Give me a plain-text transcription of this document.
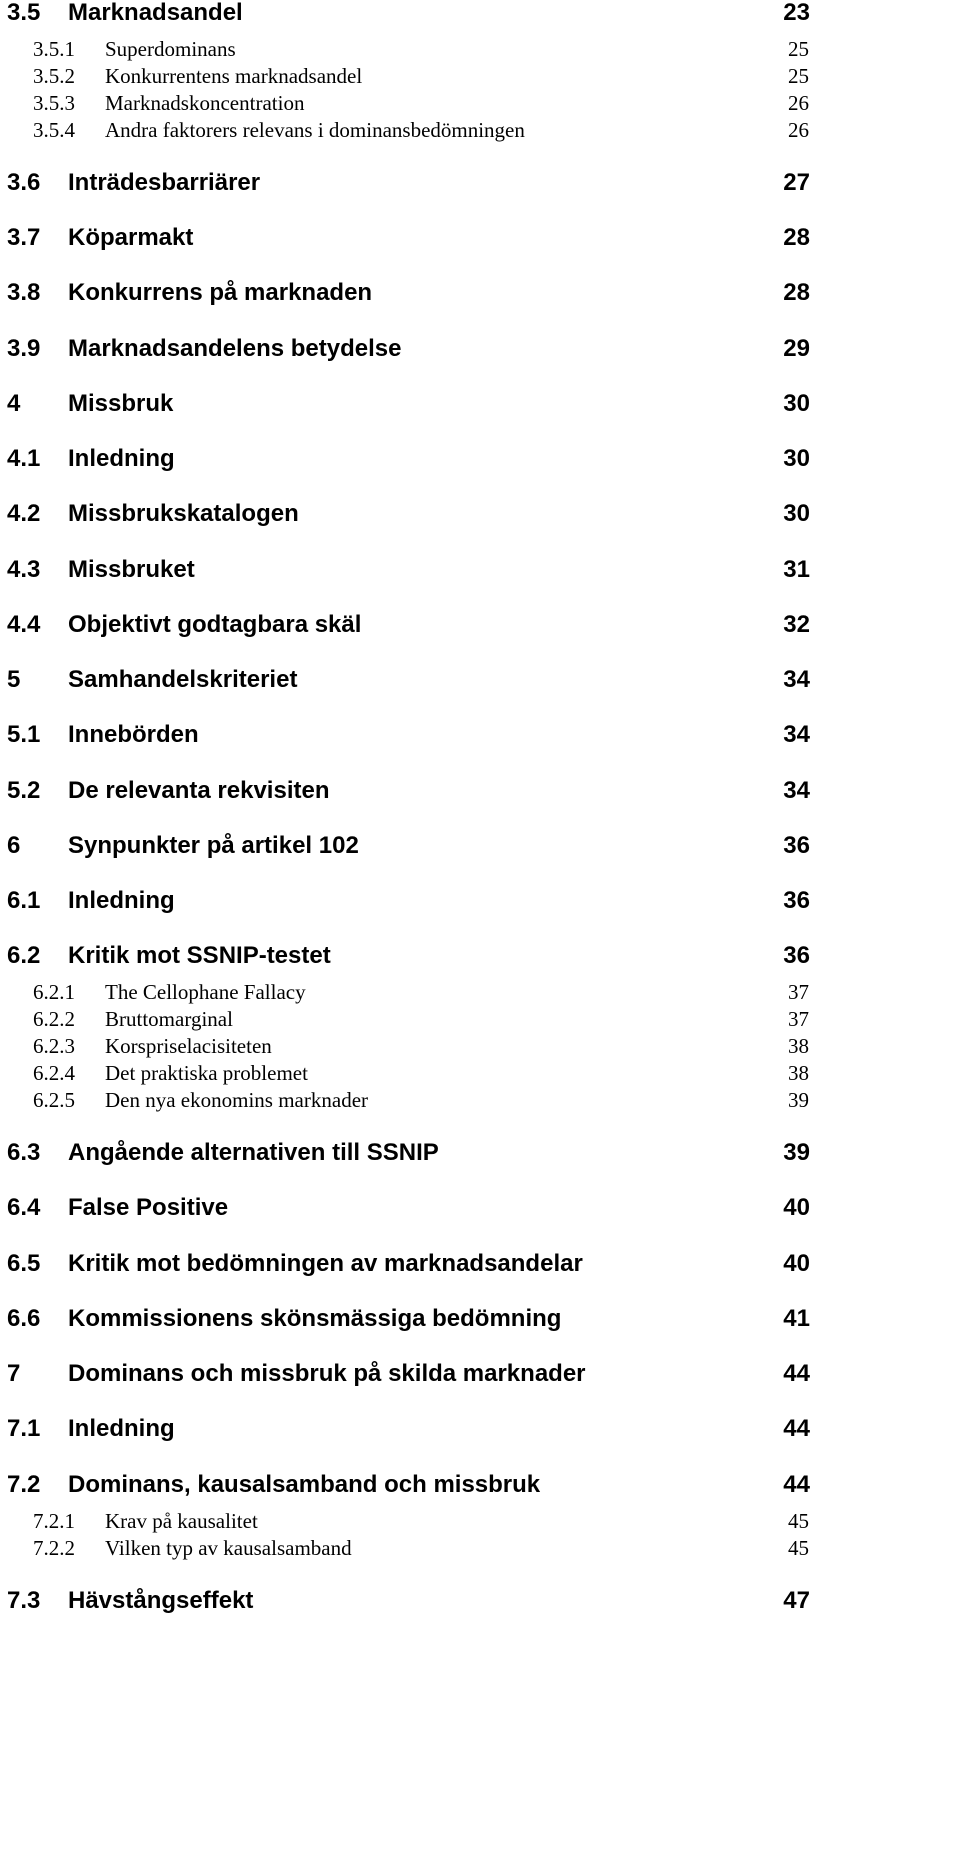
3.5 Marknadsandel	23
3.5.1 Superdominans	25
3.5.2 Konkurrentens marknadsandel	25
3.5.3 Marknadskoncentration	26
3.5.4 Andra faktorers relevans i dominansbedömningen	26
3.6 Inträdesbarriärer	27
3.7 Köparmakt	28
3.8 Konkurrens på marknaden	28
3.9 Marknadsandelens betydelse	29
4 Missbruk	30
4.1 Inledning	30
4.2 Missbrukskatalogen	30
4.3 Missbruket	31
4.4 Objektivt godtagbara skäl	32
5 Samhandelskriteriet	34
5.1 Innebörden	34
5.2 De relevanta rekvisiten	34
6 Synpunkter på artikel 102	36
6.1 Inledning	36
6.2 Kritik mot SSNIP-testet	36
6.2.1 The Cellophane Fallacy	37
6.2.2 Bruttomarginal	37
6.2.3 Korspriselacisiteten	38
6.2.4 Det praktiska problemet	38
6.2.5 Den nya ekonomins marknader	39
6.3 Angående alternativen till SSNIP	39
6.4 False Positive	40
6.5 Kritik mot bedömningen av marknadsandelar	40
6.6 Kommissionens skönsmässiga bedömning	41
7 Dominans och missbruk på skilda marknader	44
7.1 Inledning	44
7.2 Dominans, kausalsamband och missbruk	44
7.2.1 Krav på kausalitet	45
7.2.2 Vilken typ av kausalsamband	45
7.3 Hävstångseffekt	47
